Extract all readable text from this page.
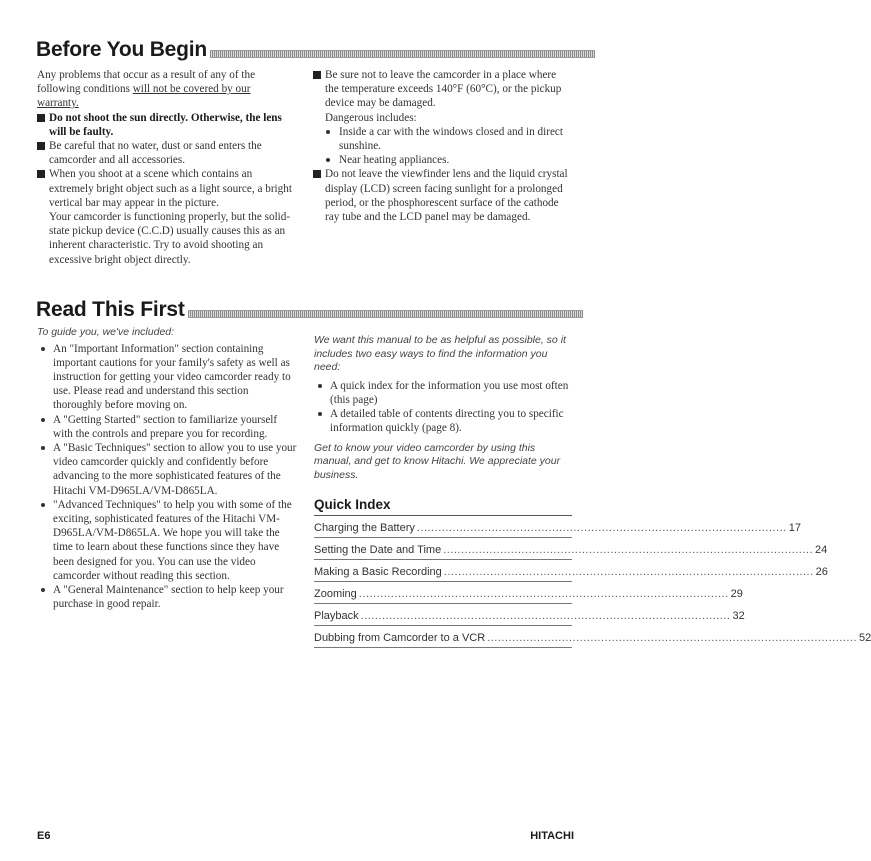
Before You Begin

Any problems that occur as a result of any of the following conditions will not be covered by our warranty.

Do not shoot the sun directly. Otherwise, the lens will be faulty.
Be careful that no water, dust or sand enters the camcorder and all accessories.
When you shoot at a scene which contains an extremely bright object such as a light source, a bright vertical bar may appear in the picture.

Your camcorder is functioning properly, but the solid-state pickup device (C.C.D) usually causes this as an inherent characteristic. Try to avoid shooting an excessive bright object directly.

Be sure not to leave the camcorder in a place where the temperature exceeds 140°F (60°C), or the pickup device may be damaged.

Dangerous includes:

Inside a car with the windows closed and in direct sunshine.
Near heating appliances.
Do not leave the viewfinder lens and the liquid crystal display (LCD) screen facing sunlight for a prolonged period, or the phosphorescent surface of the cathode ray tube and the LCD panel may be damaged.
Read This First

To guide you, we've included:

An "Important Information" section containing important cautions for your family's safety as well as instruction for getting your video camcorder ready to use. Please read and understand this section thoroughly before moving on.
A "Getting Started" section to familiarize yourself with the controls and prepare you for recording.
A "Basic Techniques" section to allow you to use your video camcorder quickly and confidently before advancing to the more sophisticated features of the Hitachi VM-D965LA/VM-D865LA.
"Advanced Techniques" to help you with some of the exciting, sophisticated features of the Hitachi VM-D965LA/VM-D865LA. We hope you will take the time to learn about these functions since they have been designed for you. You can use the video camcorder without reading this section.
A "General Maintenance" section to help keep your purchase in good repair.

We want this manual to be as helpful as possible, so it includes two easy ways to find the information you need:

A quick index for the information you use most often (this page)
A detailed table of contents directing you to specific information quickly (page 8).

Get to know your video camcorder by using this manual, and get to know Hitachi. We appreciate your business.

Quick Index
Charging the Battery ........................................................................................................ 17
Setting the Date and Time ........................................................................................................ 24
Making a Basic Recording ........................................................................................................ 26
Zooming ........................................................................................................ 29
Playback ........................................................................................................ 32
Dubbing from Camcorder to a VCR ........................................................................................................ 52
E6	HITACHI
